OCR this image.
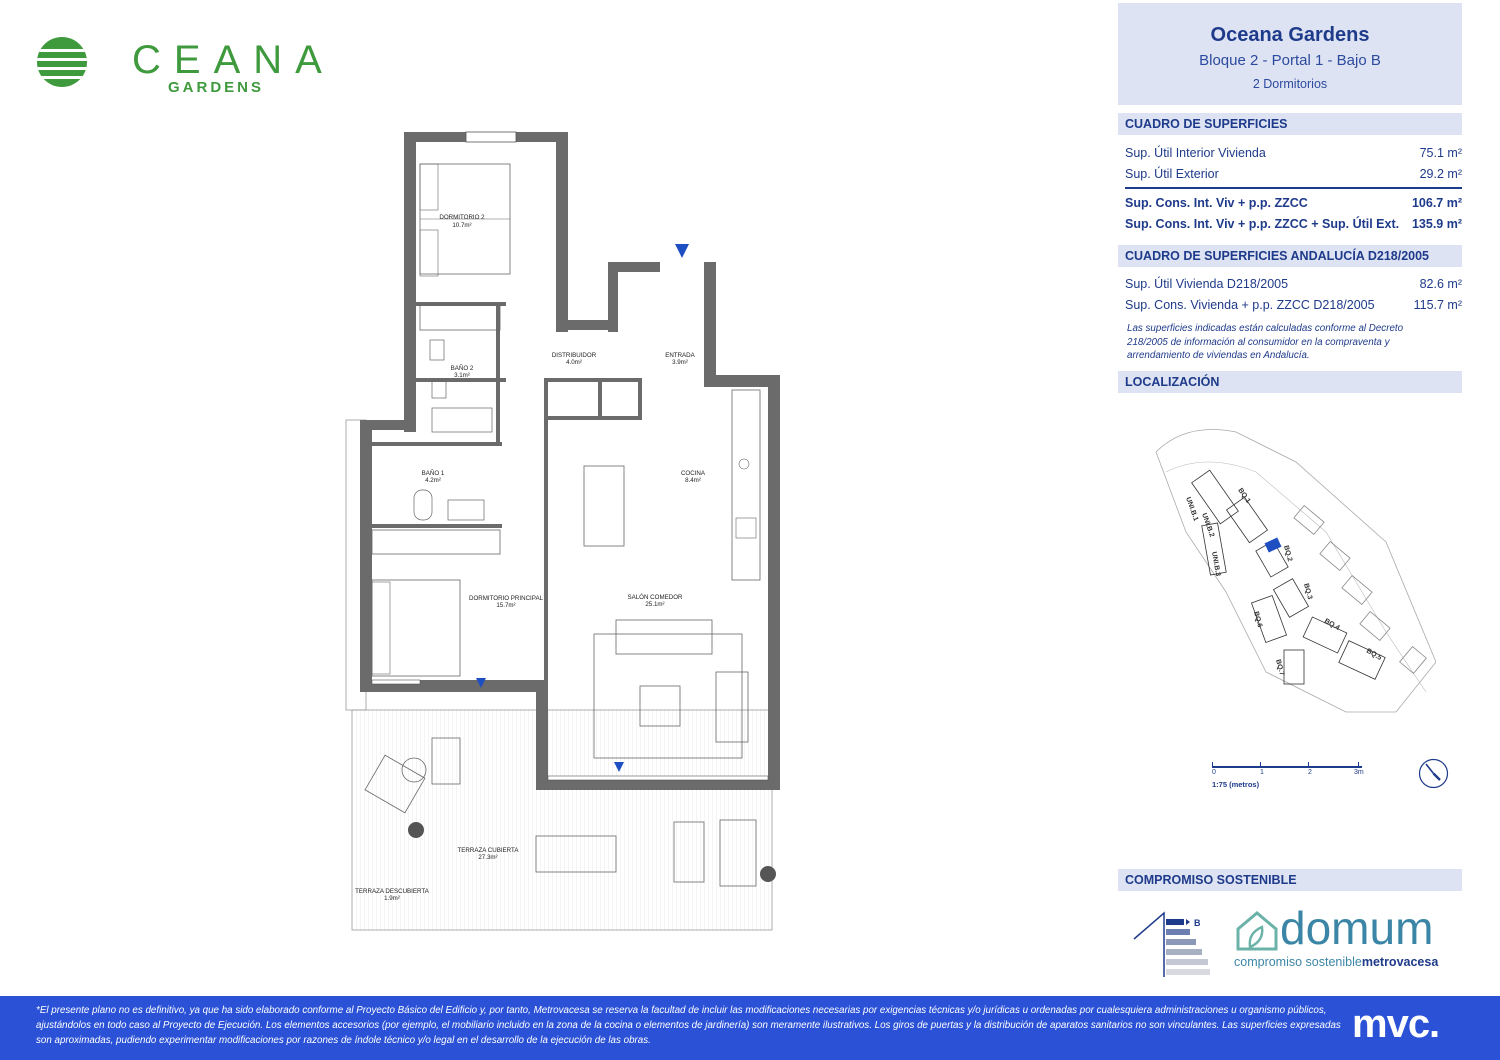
CEANA
GARDENS
DORMITORIO 2
10.7m²
DISTRIBUIDOR
4.0m²
ENTRADA
3.9m²
BAÑO 2
3.1m²
BAÑO 1
4.2m²
COCINA
8.4m²
DORMITORIO PRINCIPAL
15.7m²
SALÓN COMEDOR
25.1m²
TERRAZA CUBIERTA
27.3m²
TERRAZA DESCUBIERTA
1.9m²
Oceana Gardens
Bloque 2 - Portal 1 - Bajo B
2 Dormitorios
CUADRO DE SUPERFICIES
Sup. Útil Interior Vivienda	75.1 m²
Sup. Útil Exterior	29.2 m²
Sup. Cons. Int. Viv + p.p. ZZCC	106.7 m²
Sup. Cons. Int. Viv + p.p. ZZCC + Sup. Útil Ext. 135.9 m²
CUADRO DE SUPERFICIES ANDALUCÍA D218/2005
Sup. Útil Vivienda D218/2005	82.6 m²
Sup. Cons. Vivienda + p.p. ZZCC D218/2005	115.7 m²
Las superficies indicadas están calculadas conforme al Decreto 218/2005 de información al consumidor en la compraventa y arrendamiento de viviendas en Andalucía.
LOCALIZACIÓN
BQ.1
BQ.2
BQ.3
BQ.4
BQ.5
BQ.6
BQ.7
UNI.B.1
UNI.B.2
UNI.B.3
0	1	2	3m
1:75 (metros)
COMPROMISO SOSTENIBLE
B domum
compromiso sosteniblemetrovacesa
*El presente plano no es definitivo, ya que ha sido elaborado conforme al Proyecto Básico del Edificio y, por tanto, Metrovacesa se reserva la facultad de incluir las modificaciones necesarias por exigencias técnicas y/o jurídicas u ordenadas por cualesquiera administraciones u organismo públicos, ajustándolos en todo caso al Proyecto de Ejecución. Los elementos accesorios (por ejemplo, el mobiliario incluido en la zona de la cocina o elementos de jardinería) son meramente ilustrativos. Los giros de puertas y la distribución de aparatos sanitarios no son vinculantes. Las superficies expresadas son aproximadas, pudiendo experimentar modificaciones por razones de índole técnico y/o legal en el desarrollo de la ejecución de las obras.	mvc.
